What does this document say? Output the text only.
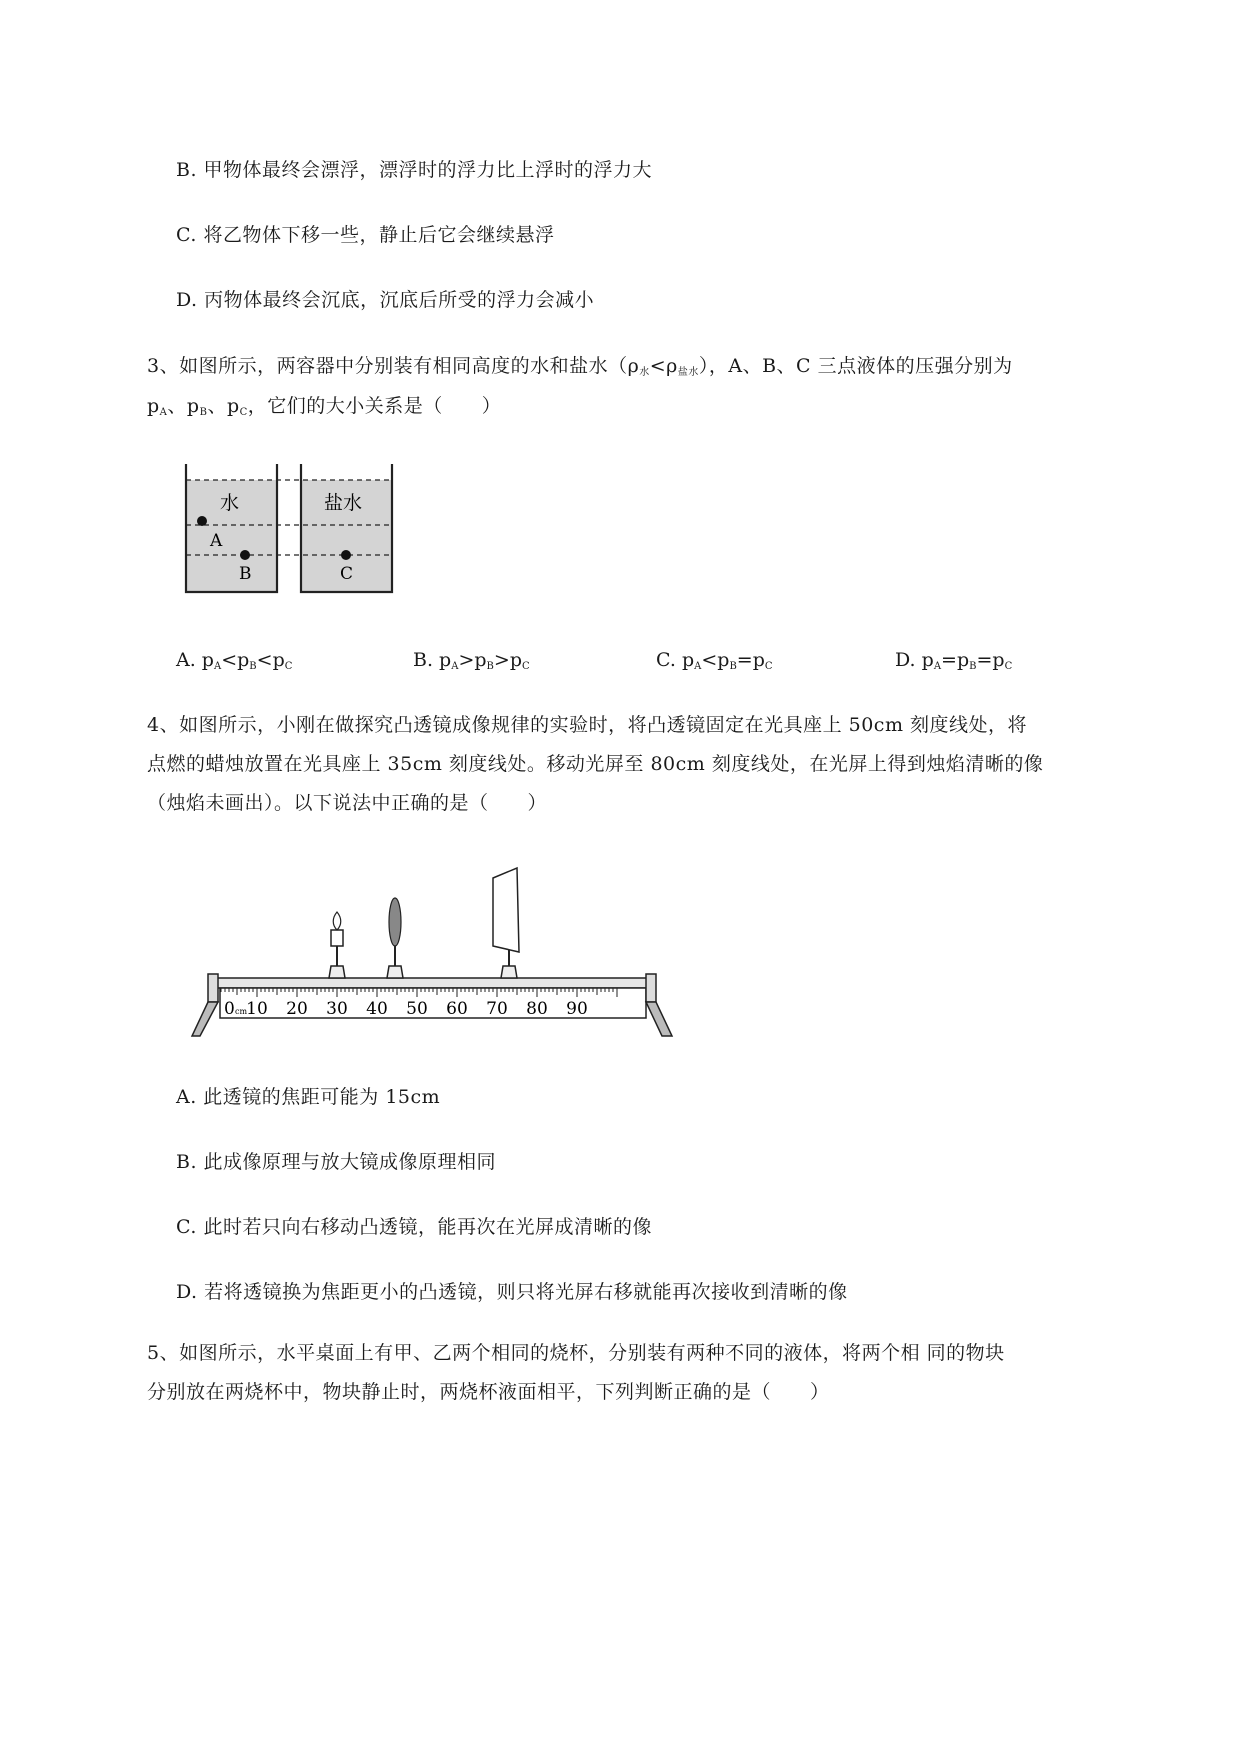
B. 甲物体最终会漂浮，漂浮时的浮力比上浮时的浮力大
C. 将乙物体下移一些，静止后它会继续悬浮
D. 丙物体最终会沉底，沉底后所受的浮力会减小
3、如图所示，两容器中分别装有相同高度的水和盐水$(\rho_水<\rho_{盐水})$，A、B、C 三点液体的压强分别为
$p_A$、$p_B$、$p_C$，它们的大小关系是（　　）
水	盐水
A
B	C
A. $p_A<p_B<p_C$	B. $p_A>p_B>p_C$	C. $p_A<p_B=p_C$	D. $p_A=p_B=p_C$
4、如图所示，小刚在做探究凸透镜成像规律的实验时，将凸透镜固定在光具座上 50cm 刻度线处，将
点燃的蜡烛放置在光具座上 35cm 刻度线处。移动光屏至 80cm 刻度线处，在光屏上得到烛焰清晰的像
（烛焰未画出）。以下说法中正确的是（　　）
0 cm 10 20 30 40 50 60 70 80 90
A. 此透镜的焦距可能为 15cm
B. 此成像原理与放大镜成像原理相同
C. 此时若只向右移动凸透镜，能再次在光屏成清晰的像
D. 若将透镜换为焦距更小的凸透镜，则只将光屏右移就能再次接收到清晰的像
5、如图所示，水平桌面上有甲、乙两个相同的烧杯，分别装有两种不同的液体，将两个相 同的物块
分别放在两烧杯中，物块静止时，两烧杯液面相平，下列判断正确的是（　　）
